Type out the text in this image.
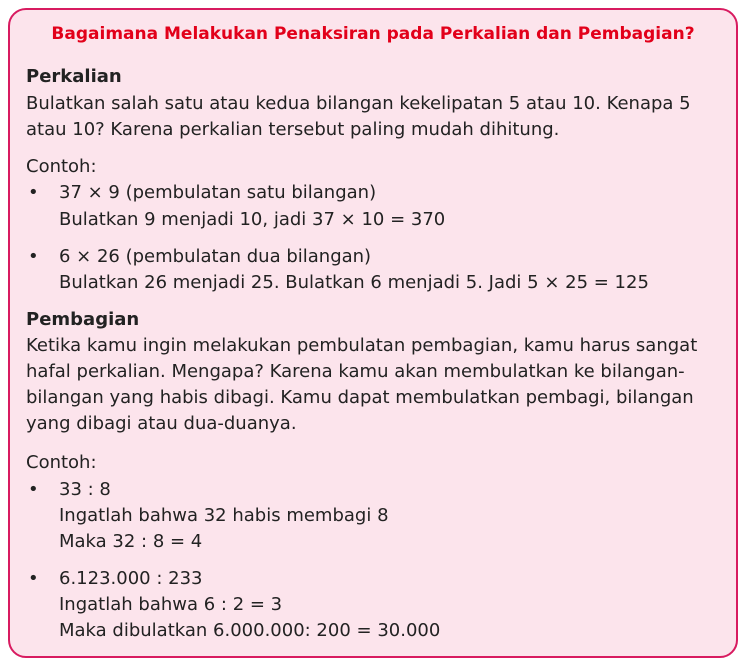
Bagaimana Melakukan Penaksiran pada Perkalian dan Pembagian?
Perkalian
Bulatkan salah satu atau kedua bilangan kekelipatan 5 atau 10. Kenapa 5
atau 10? Karena perkalian tersebut paling mudah dihitung.
Contoh:
• 37 × 9 (pembulatan satu bilangan)
Bulatkan 9 menjadi 10, jadi 37 × 10 = 370
• 6 × 26 (pembulatan dua bilangan)
Bulatkan 26 menjadi 25. Bulatkan 6 menjadi 5. Jadi 5 × 25 = 125
Pembagian
Ketika kamu ingin melakukan pembulatan pembagian, kamu harus sangat
hafal perkalian. Mengapa? Karena kamu akan membulatkan ke bilangan-
bilangan yang habis dibagi. Kamu dapat membulatkan pembagi, bilangan
yang dibagi atau dua-duanya.
Contoh:
• 33 : 8
Ingatlah bahwa 32 habis membagi 8
Maka 32 : 8 = 4
• 6.123.000 : 233
Ingatlah bahwa 6 : 2 = 3
Maka dibulatkan 6.000.000: 200 = 30.000
